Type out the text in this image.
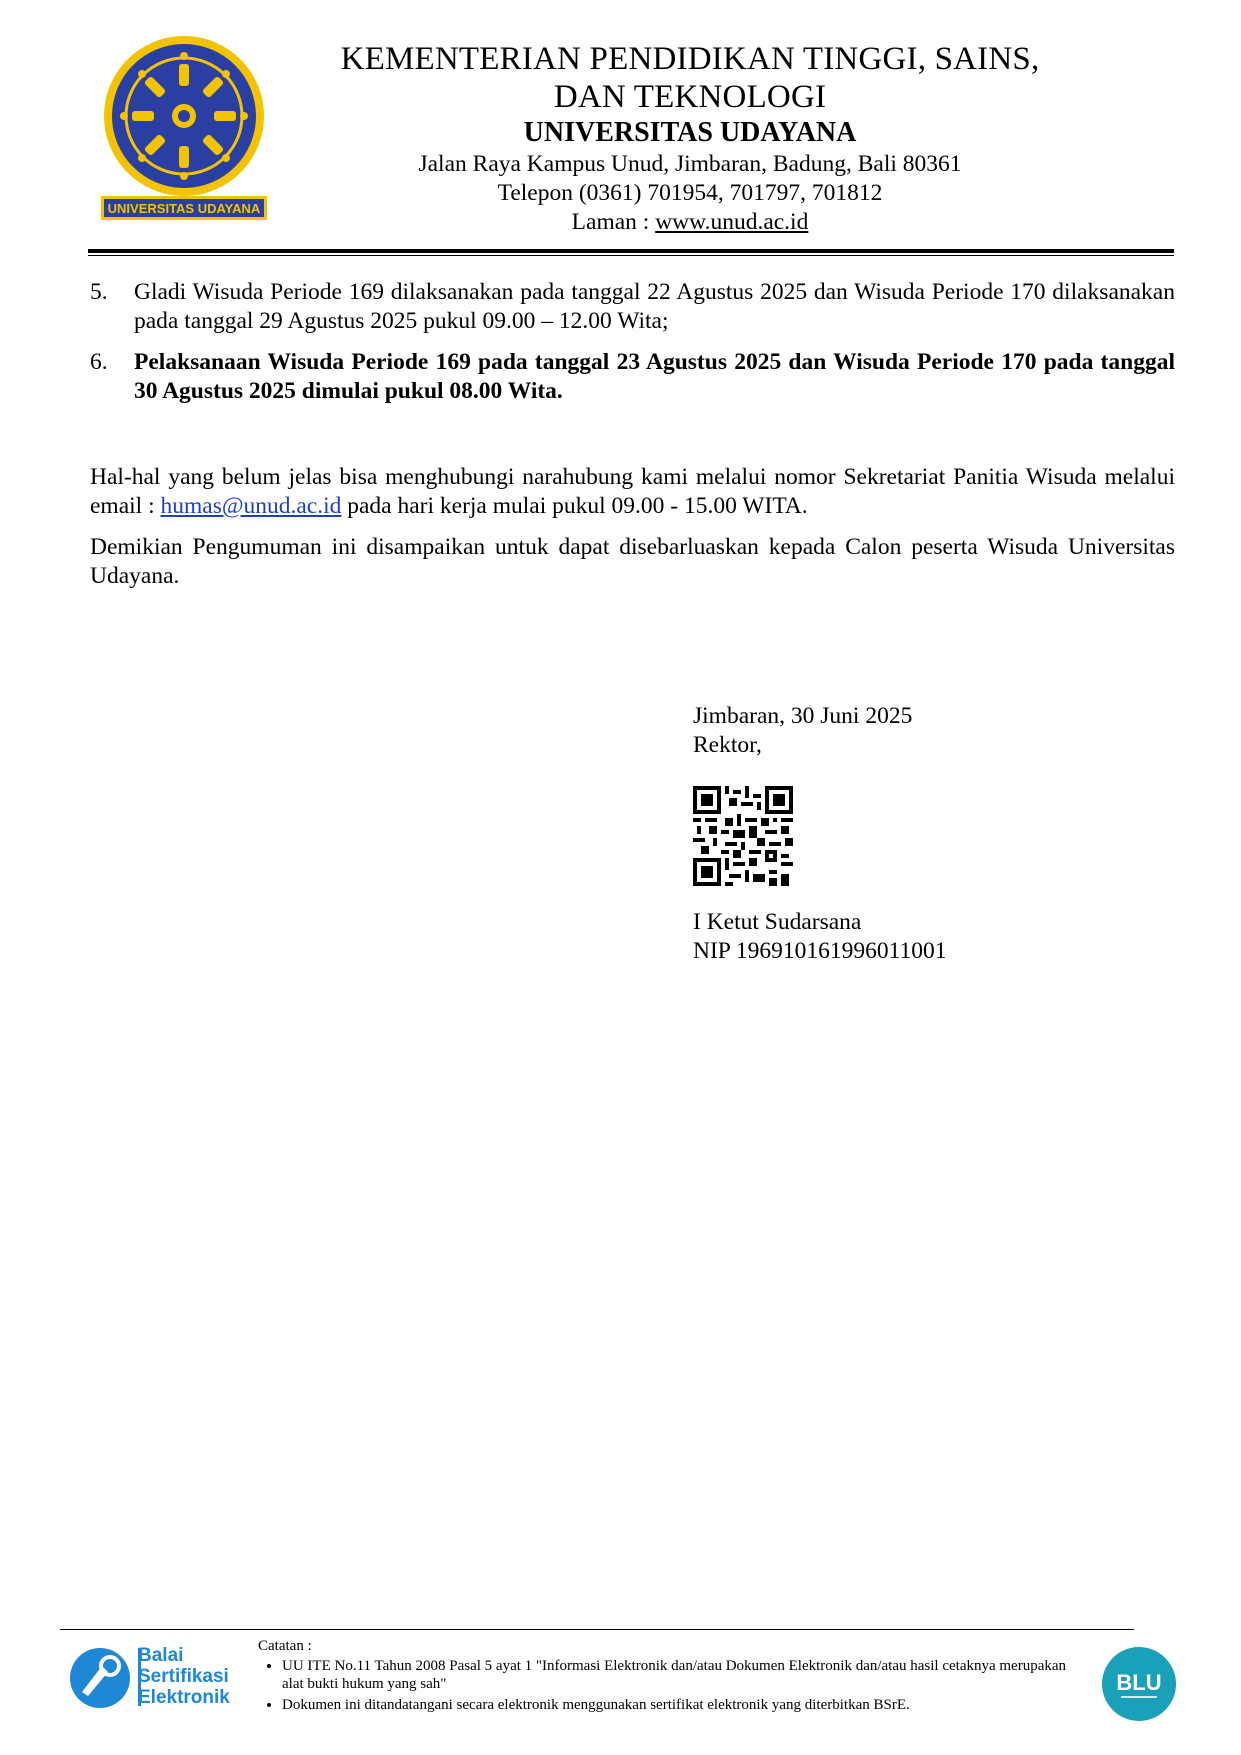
UNIVERSITAS UDAYANA
KEMENTERIAN PENDIDIKAN TINGGI, SAINS,
DAN TEKNOLOGI
UNIVERSITAS UDAYANA
Jalan Raya Kampus Unud, Jimbaran, Badung, Bali 80361
Telepon (0361) 701954, 701797, 701812
Laman : www.unud.ac.id
5.	Gladi Wisuda Periode 169 dilaksanakan pada tanggal 22 Agustus 2025 dan Wisuda Periode 170 dilaksanakan pada tanggal 29 Agustus 2025 pukul 09.00 – 12.00 Wita;
6.	Pelaksanaan Wisuda Periode 169 pada tanggal 23 Agustus 2025 dan Wisuda Periode 170 pada tanggal 30 Agustus 2025 dimulai pukul 08.00 Wita.

Hal-hal yang belum jelas bisa menghubungi narahubung kami melalui nomor Sekretariat Panitia Wisuda melalui email : humas@unud.ac.id pada hari kerja mulai pukul 09.00 - 15.00 WITA.

Demikian Pengumuman ini disampaikan untuk dapat disebarluaskan kepada Calon peserta Wisuda Universitas Udayana.

Jimbaran, 30 Juni 2025
Rektor,
I Ketut Sudarsana
NIP 196910161996011001
Balai
Sertifikasi
Elektronik
Catatan :
• UU ITE No.11 Tahun 2008 Pasal 5 ayat 1 "Informasi Elektronik dan/atau Dokumen Elektronik dan/atau hasil cetaknya merupakan alat bukti hukum yang sah"
• Dokumen ini ditandatangani secara elektronik menggunakan sertifikat elektronik yang diterbitkan BSrE.
BLU
